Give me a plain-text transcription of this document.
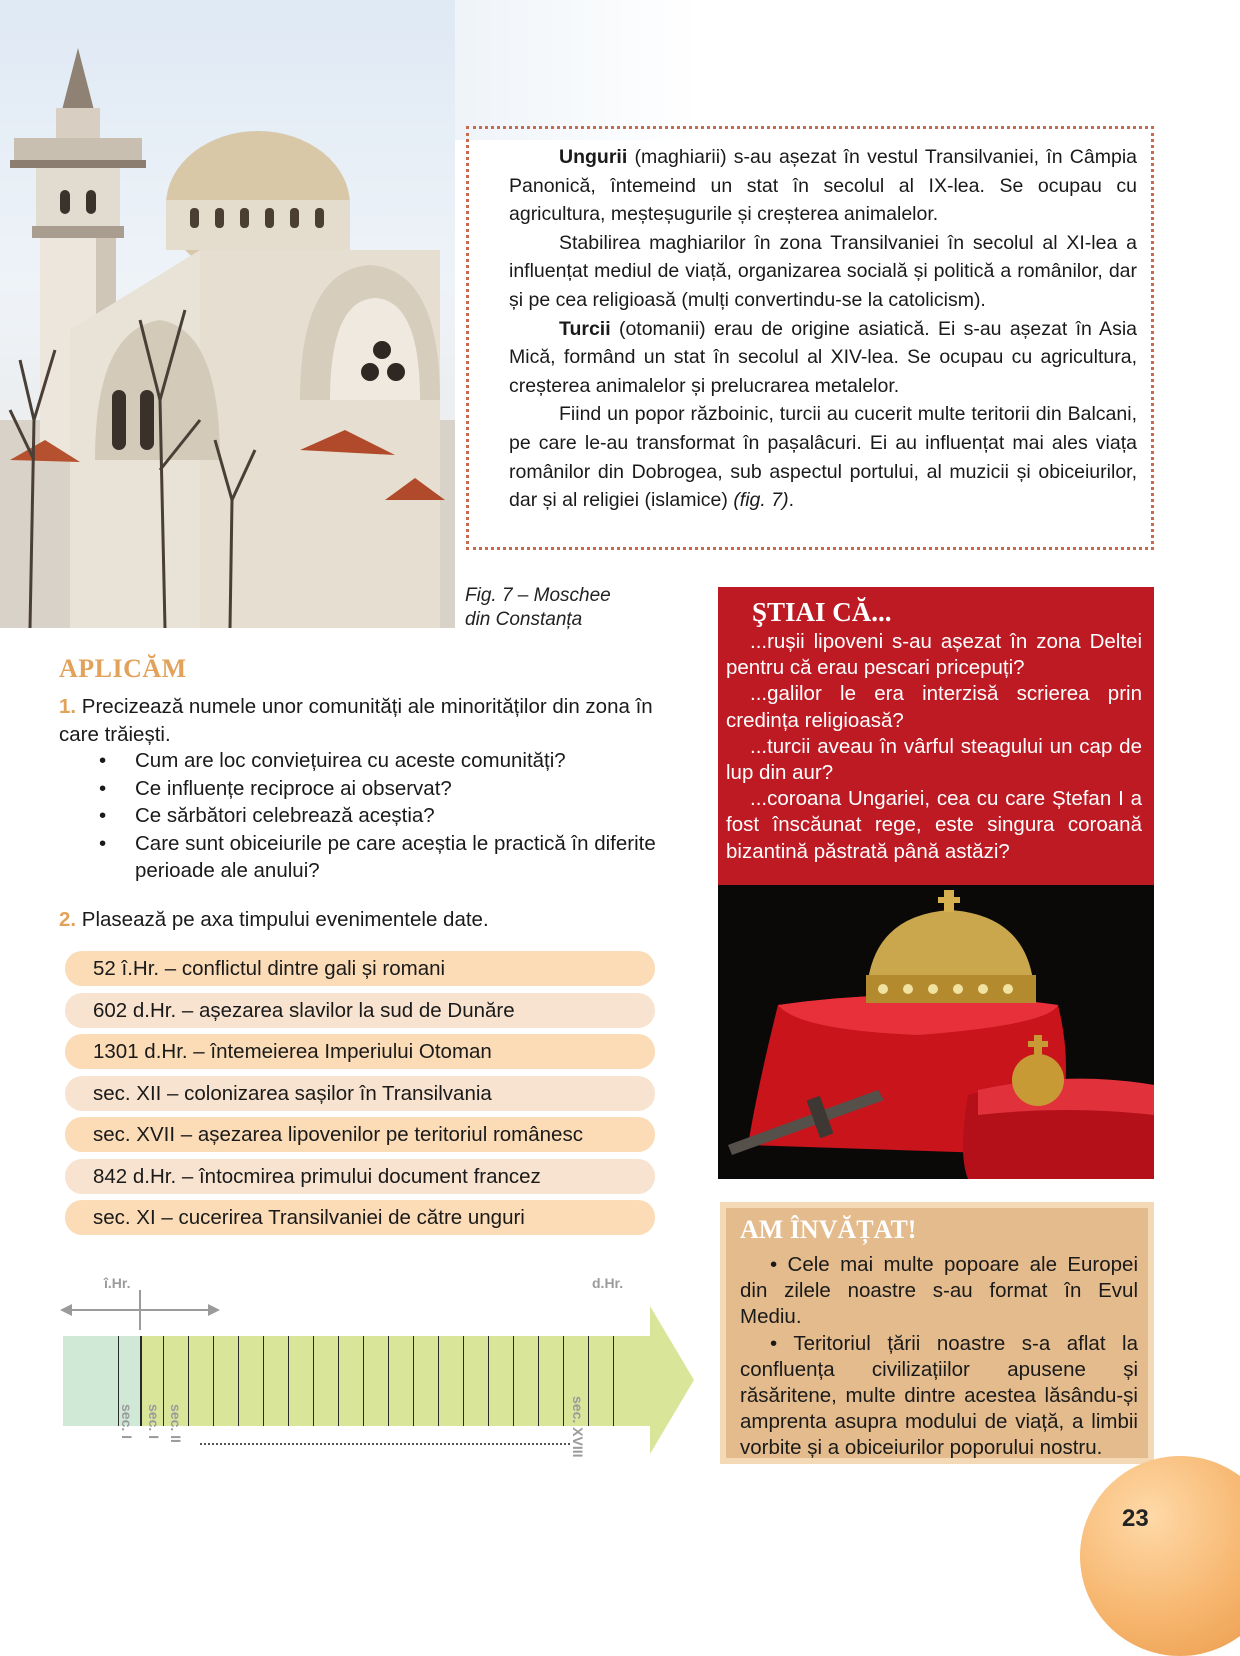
Ungurii (maghiarii) s-au așezat în vestul Transilvaniei, în Câmpia Panonică, întemeind un stat în secolul al IX-lea. Se ocupau cu agricultura, meșteșugurile și creșterea animalelor.

Stabilirea maghiarilor în zona Transilvaniei în secolul al XI-lea a influențat mediul de viață, organizarea socială și politică a românilor, dar și pe cea religioasă (mulți convertindu-se la catolicism).

Turcii (otomanii) erau de origine asiatică. Ei s-au așezat în Asia Mică, formând un stat în secolul al XIV-lea. Se ocupau cu agricultura, creșterea animalelor și prelucrarea metalelor.

Fiind un popor războinic, turcii au cucerit multe teritorii din Balcani, pe care le-au transformat în pașalâcuri. Ei au influențat mai ales viața românilor din Dobrogea, sub aspectul portului, al muzicii și obiceiurilor, dar și al religiei (islamice) (fig. 7).

Fig. 7 – Moschee
din Constanța
APLICĂM
1. Precizează numele unor comunități ale minorităților din zona în care trăiești.
• Cum are loc conviețuirea cu aceste comunități?
• Ce influențe reciproce ai observat?
• Ce sărbători celebrează aceștia?
• Care sunt obiceiurile pe care aceștia le practică în diferite perioade ale anului?
2. Plasează pe axa timpului evenimentele date.
52 î.Hr. – conflictul dintre gali și romani
602 d.Hr. – așezarea slavilor la sud de Dunăre
1301 d.Hr. – întemeierea Imperiului Otoman
sec. XII – colonizarea sașilor în Transilvania
sec. XVII – așezarea lipovenilor pe teritoriul românesc
842 d.Hr. – întocmirea primului document francez
sec. XI – cucerirea Transilvaniei de către unguri
î.Hr.	d.Hr.
sec. I sec. I sec. II	sec. XVIII
ŞTIAI CĂ...

...rușii lipoveni s-au așezat în zona Deltei pentru că erau pescari pricepuți?

...galilor le era interzisă scrierea prin credința religioasă?

...turcii aveau în vârful steagului un cap de lup din aur?

...coroana Ungariei, cea cu care Ștefan I a fost înscăunat rege, este singura coroană bizantină păstrată până astăzi?

AM ÎNVĂȚAT!

• Cele mai multe popoare ale Europei din zilele noastre s-au format în Evul Mediu.

• Teritoriul țării noastre s-a aflat la confluența civilizațiilor apusene și răsăritene, multe dintre acestea lăsându-și amprenta asupra modului de viață, a limbii vorbite și a obiceiurilor poporului nostru.

23
